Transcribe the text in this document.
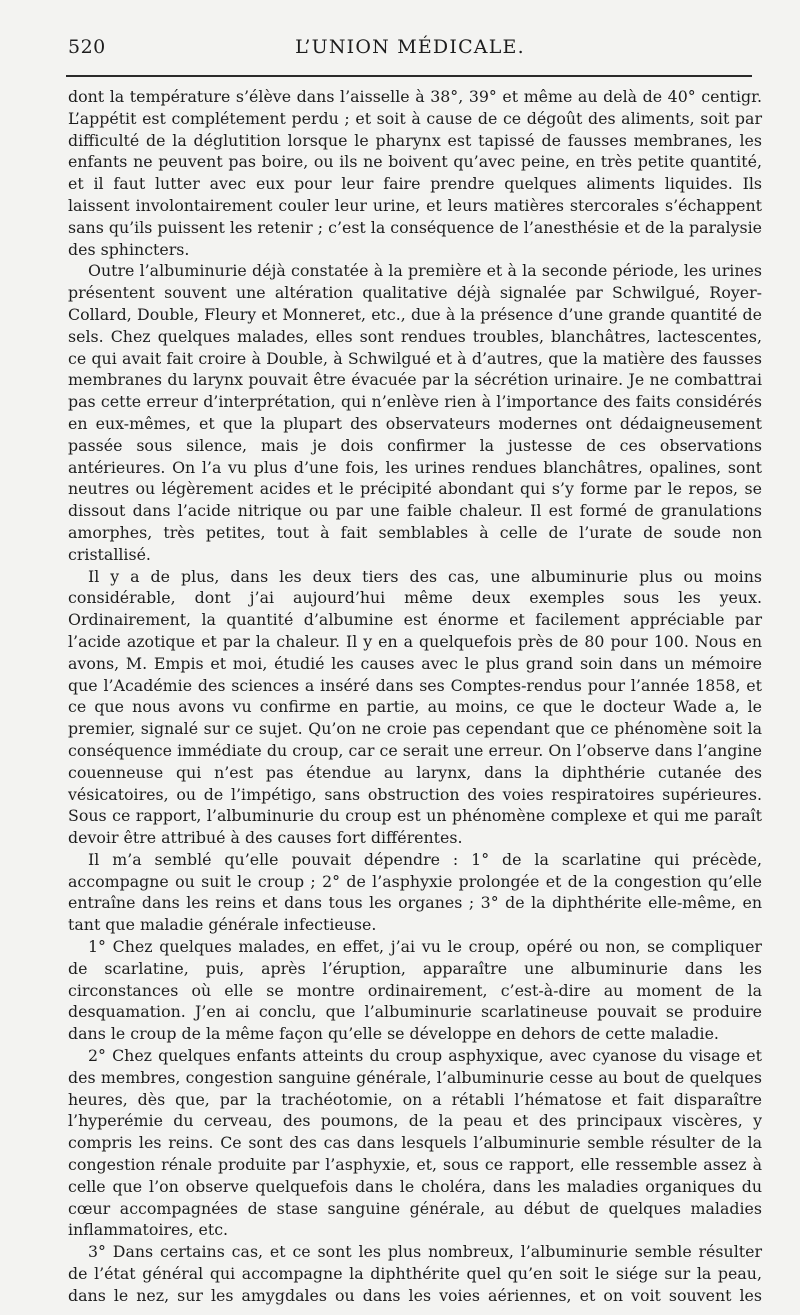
520	L’UNION MÉDICALE.

dont la température s’élève dans l’aisselle à 38°, 39° et même au delà de 40° centigr. L’appétit est complétement perdu ; et soit à cause de ce dégoût des aliments, soit par difficulté de la déglutition lorsque le pharynx est tapissé de fausses membranes, les enfants ne peuvent pas boire, ou ils ne boivent qu’avec peine, en très petite quantité, et il faut lutter avec eux pour leur faire prendre quelques aliments liquides. Ils laissent involontairement couler leur urine, et leurs matières stercorales s’échappent sans qu’ils puissent les retenir ; c’est la conséquence de l’anesthésie et de la paralysie des sphincters.

Outre l’albuminurie déjà constatée à la première et à la seconde période, les urines présentent souvent une altération qualitative déjà signalée par Schwilgué, Royer-Collard, Double, Fleury et Monneret, etc., due à la présence d’une grande quantité de sels. Chez quelques malades, elles sont rendues troubles, blanchâtres, lactescentes, ce qui avait fait croire à Double, à Schwilgué et à d’autres, que la matière des fausses membranes du larynx pouvait être évacuée par la sécrétion urinaire. Je ne combattrai pas cette erreur d’interprétation, qui n’enlève rien à l’importance des faits considérés en eux-mêmes, et que la plupart des observateurs modernes ont dédaigneusement passée sous silence, mais je dois confirmer la justesse de ces observations antérieures. On l’a vu plus d’une fois, les urines rendues blanchâtres, opalines, sont neutres ou légèrement acides et le précipité abondant qui s’y forme par le repos, se dissout dans l’acide nitrique ou par une faible chaleur. Il est formé de granulations amorphes, très petites, tout à fait semblables à celle de l’urate de soude non cristallisé.

Il y a de plus, dans les deux tiers des cas, une albuminurie plus ou moins considérable, dont j’ai aujourd’hui même deux exemples sous les yeux. Ordinairement, la quantité d’albumine est énorme et facilement appréciable par l’acide azotique et par la chaleur. Il y en a quelquefois près de 80 pour 100. Nous en avons, M. Empis et moi, étudié les causes avec le plus grand soin dans un mémoire que l’Académie des sciences a inséré dans ses Comptes-rendus pour l’année 1858, et ce que nous avons vu confirme en partie, au moins, ce que le docteur Wade a, le premier, signalé sur ce sujet. Qu’on ne croie pas cependant que ce phénomène soit la conséquence immédiate du croup, car ce serait une erreur. On l’observe dans l’angine couenneuse qui n’est pas étendue au larynx, dans la diphthérie cutanée des vésicatoires, ou de l’impétigo, sans obstruction des voies respiratoires supérieures. Sous ce rapport, l’albuminurie du croup est un phénomène complexe et qui me paraît devoir être attribué à des causes fort différentes.

Il m’a semblé qu’elle pouvait dépendre : 1° de la scarlatine qui précède, accompagne ou suit le croup ; 2° de l’asphyxie prolongée et de la congestion qu’elle entraîne dans les reins et dans tous les organes ; 3° de la diphthérite elle-même, en tant que maladie générale infectieuse.

1° Chez quelques malades, en effet, j’ai vu le croup, opéré ou non, se compliquer de scarlatine, puis, après l’éruption, apparaître une albuminurie dans les circonstances où elle se montre ordinairement, c’est-à-dire au moment de la desquamation. J’en ai conclu, que l’albuminurie scarlatineuse pouvait se produire dans le croup de la même façon qu’elle se développe en dehors de cette maladie.

2° Chez quelques enfants atteints du croup asphyxique, avec cyanose du visage et des membres, congestion sanguine générale, l’albuminurie cesse au bout de quelques heures, dès que, par la trachéotomie, on a rétabli l’hématose et fait disparaître l’hyperémie du cerveau, des poumons, de la peau et des principaux viscères, y compris les reins. Ce sont des cas dans lesquels l’albuminurie semble résulter de la congestion rénale produite par l’asphyxie, et, sous ce rapport, elle ressemble assez à celle que l’on observe quelquefois dans le choléra, dans les maladies organiques du cœur accompagnées de stase sanguine générale, au début de quelques maladies inflammatoires, etc.

3° Dans certains cas, et ce sont les plus nombreux, l’albuminurie semble résulter de l’état général qui accompagne la diphthérite quel qu’en soit le siége sur la peau, dans le nez, sur les amygdales ou dans les voies aériennes, et on voit souvent les
